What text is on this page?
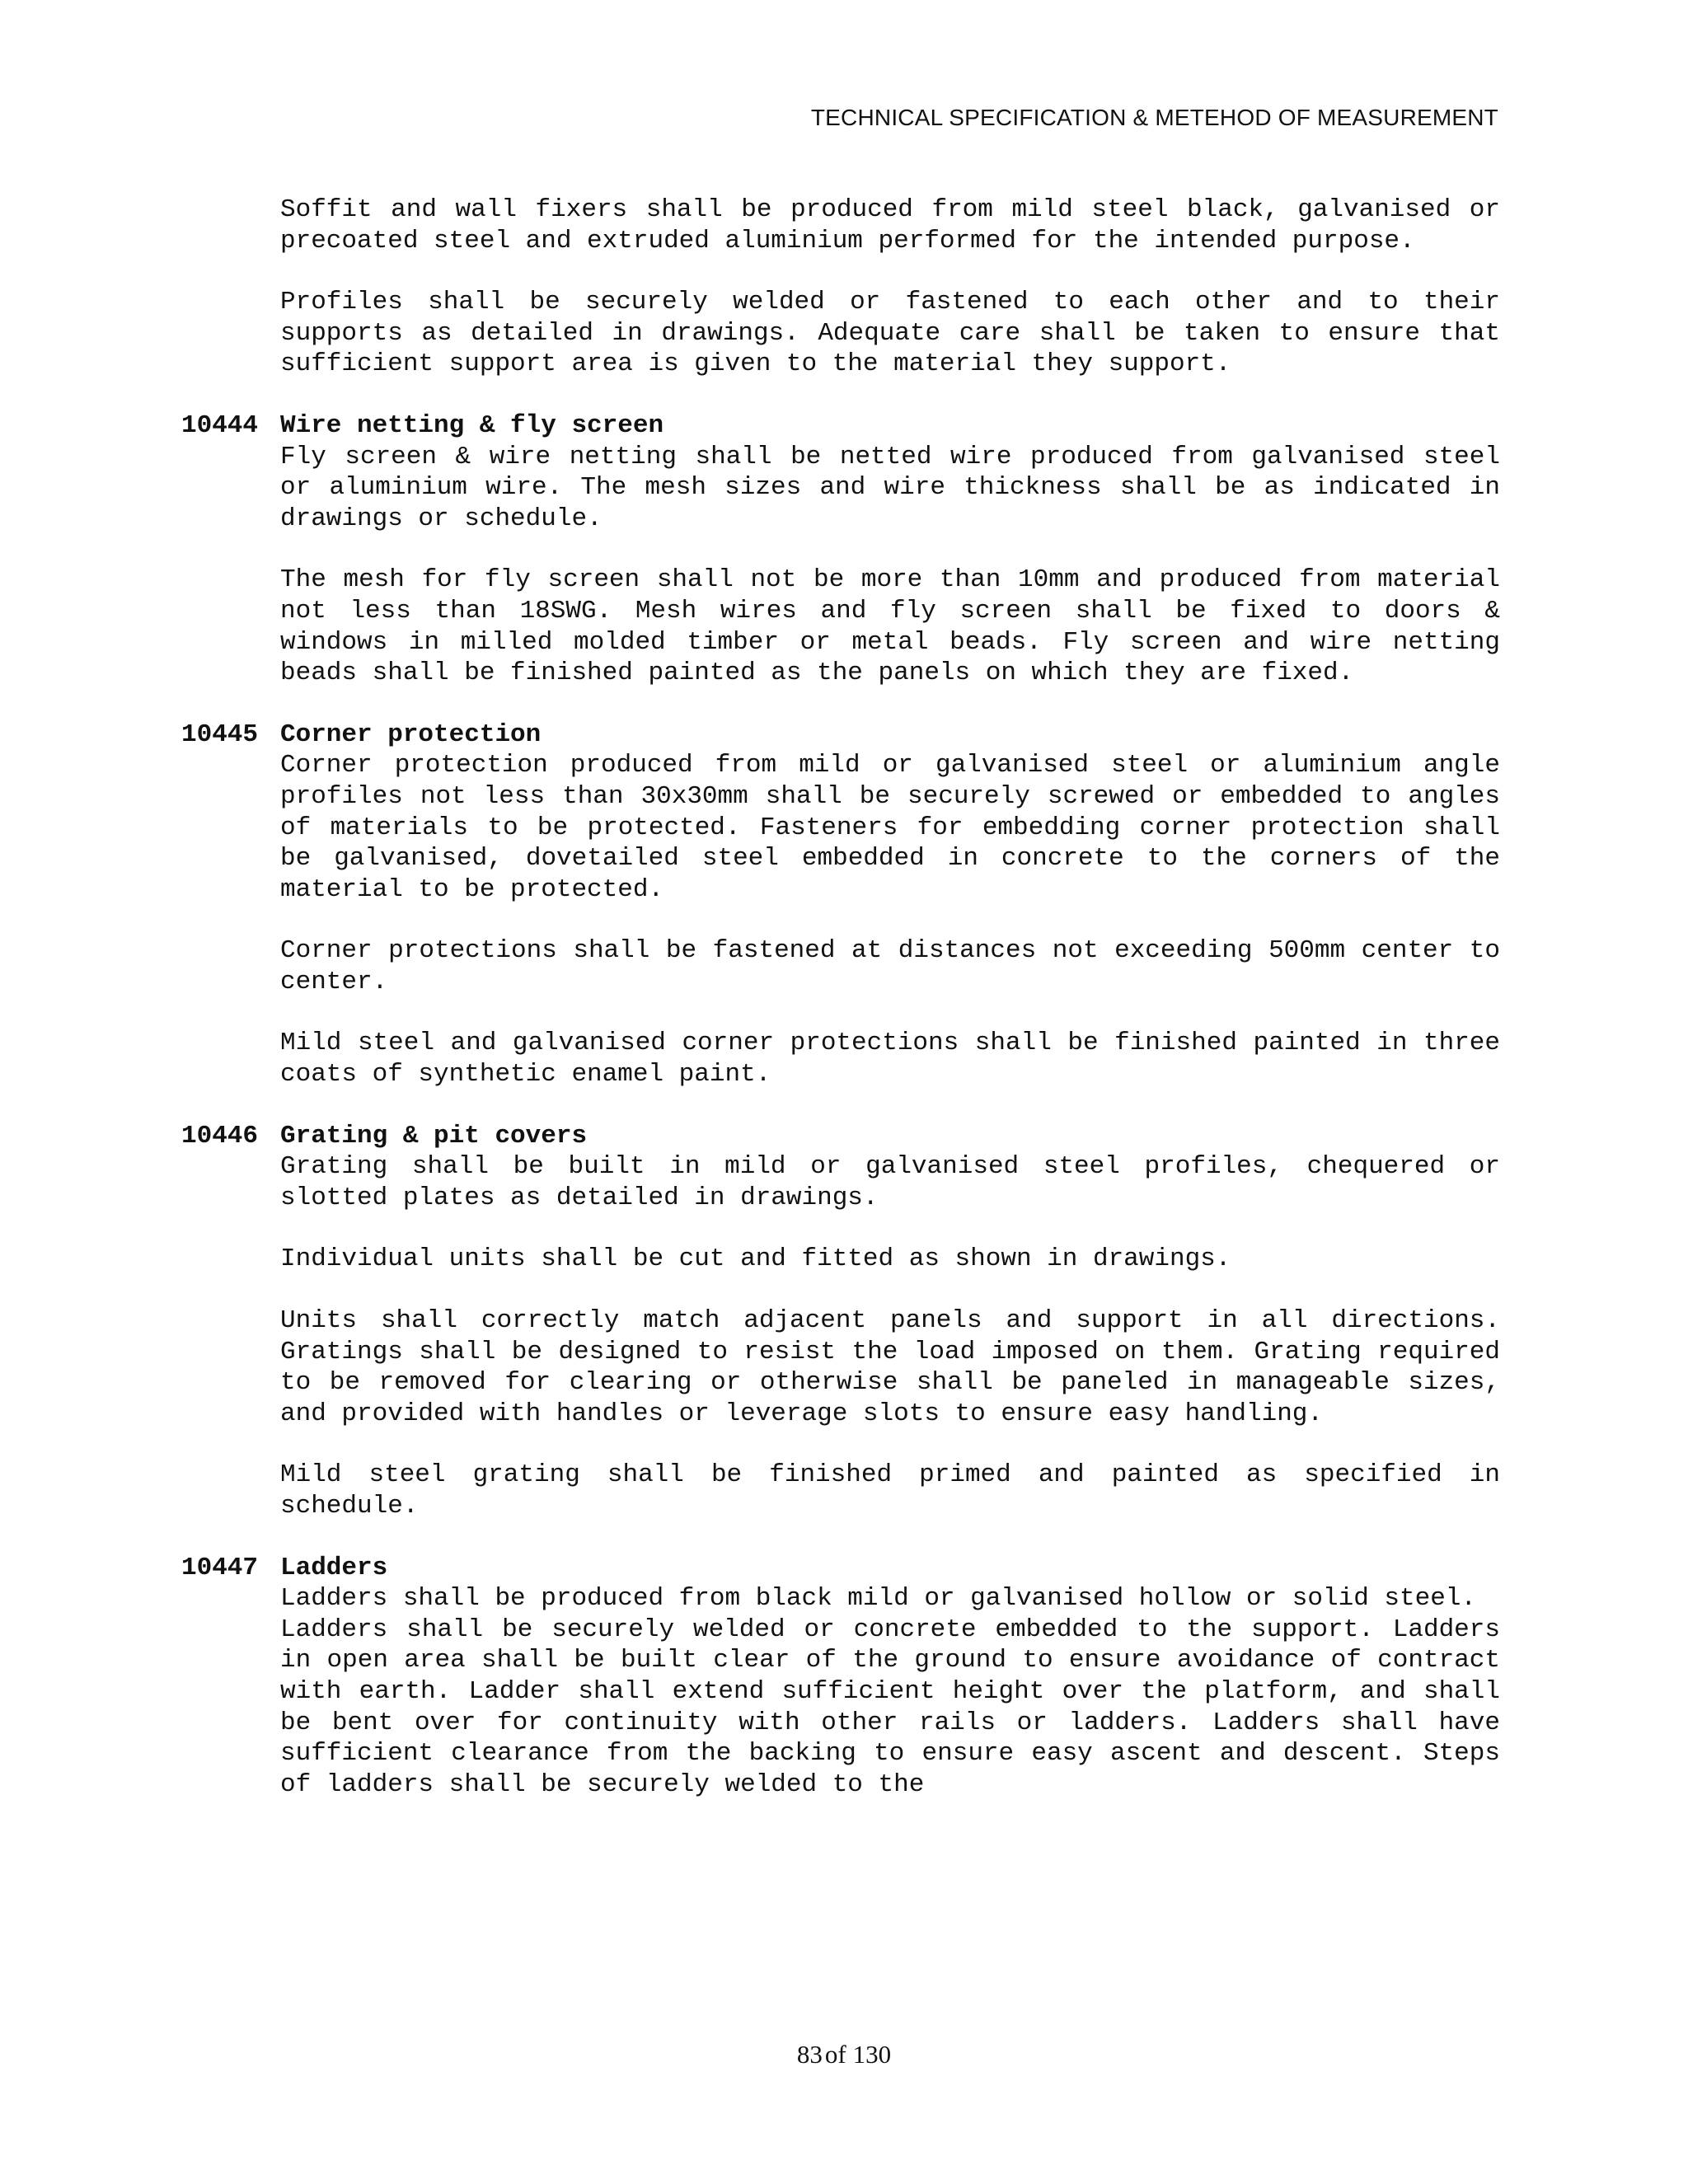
TECHNICAL SPECIFICATION & METEHOD OF MEASUREMENT

Soffit and wall fixers shall be produced from mild steel black, galvanised or precoated steel and extruded aluminium performed for the intended purpose.

Profiles shall be securely welded or fastened to each other and to their supports as detailed in drawings. Adequate care shall be taken to ensure that sufficient support area is given to the material they support.

10444 Wire netting & fly screen

Fly screen & wire netting shall be netted wire produced from galvanised steel or aluminium wire. The mesh sizes and wire thickness shall be as indicated in drawings or schedule.

The mesh for fly screen shall not be more than 10mm and produced from material not less than 18SWG. Mesh wires and fly screen shall be fixed to doors & windows in milled molded timber or metal beads. Fly screen and wire netting beads shall be finished painted as the panels on which they are fixed.

10445 Corner protection

Corner protection produced from mild or galvanised steel or aluminium angle profiles not less than 30x30mm shall be securely screwed or embedded to angles of materials to be protected. Fasteners for embedding corner protection shall be galvanised, dovetailed steel embedded in concrete to the corners of the material to be protected.

Corner protections shall be fastened at distances not exceeding 500mm center to center.

Mild steel and galvanised corner protections shall be finished painted in three coats of synthetic enamel paint.

10446 Grating & pit covers

Grating shall be built in mild or galvanised steel profiles, chequered or slotted plates as detailed in drawings.

Individual units shall be cut and fitted as shown in drawings.

Units shall correctly match adjacent panels and support in all directions. Gratings shall be designed to resist the load imposed on them. Grating required to be removed for clearing or otherwise shall be paneled in manageable sizes, and provided with handles or leverage slots to ensure easy handling.

Mild steel grating shall be finished primed and painted as specified in schedule.

10447 Ladders

Ladders shall be produced from black mild or galvanised hollow or solid steel.

Ladders shall be securely welded or concrete embedded to the support. Ladders in open area shall be built clear of the ground to ensure avoidance of contract with earth. Ladder shall extend sufficient height over the platform, and shall be bent over for continuity with other rails or ladders. Ladders shall have sufficient clearance from the backing to ensure easy ascent and descent. Steps of ladders shall be securely welded to the

83of 130
